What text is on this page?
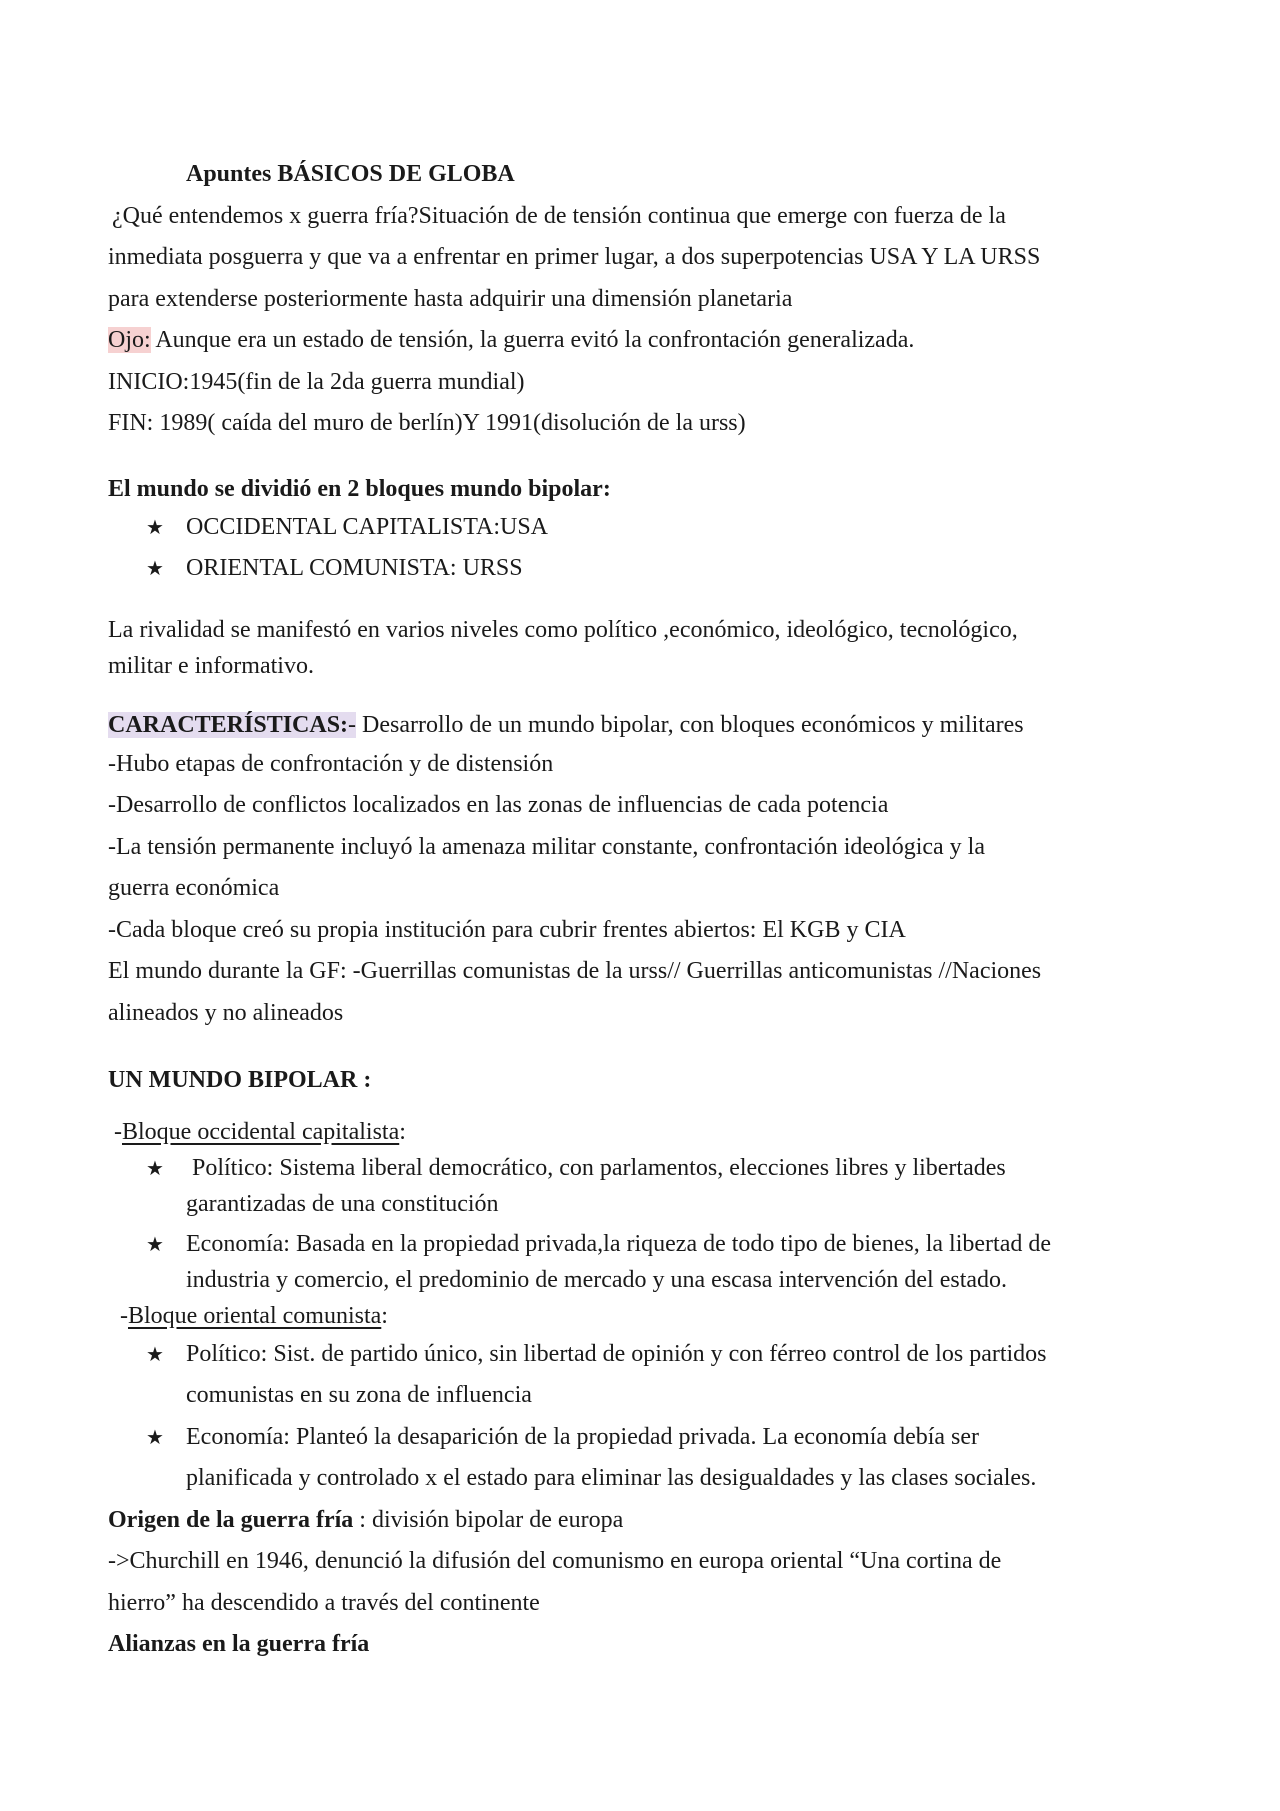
Apuntes BÁSICOS DE GLOBA
¿Qué entendemos x guerra fría?Situación de de tensión continua que emerge con fuerza de la
inmediata posguerra y que va a enfrentar en primer lugar, a dos superpotencias USA Y LA URSS
para extenderse posteriormente hasta adquirir una dimensión planetaria
Ojo: Aunque era un estado de tensión, la guerra evitó la confrontación generalizada.
INICIO:1945(fin de la 2da guerra mundial)
FIN: 1989( caída del muro de berlín)Y 1991(disolución de la urss)
El mundo se dividió en 2 bloques mundo bipolar:
★ OCCIDENTAL CAPITALISTA:USA
★ ORIENTAL COMUNISTA: URSS
La rivalidad se manifestó en varios niveles como político ,económico, ideológico, tecnológico,
militar e informativo.
CARACTERÍSTICAS:- Desarrollo de un mundo bipolar, con bloques económicos y militares
-Hubo etapas de confrontación y de distensión
-Desarrollo de conflictos localizados en las zonas de influencias de cada potencia
-La tensión permanente incluyó la amenaza militar constante, confrontación ideológica y la
guerra económica
-Cada bloque creó su propia institución para cubrir frentes abiertos: El KGB y CIA
El mundo durante la GF: -Guerrillas comunistas de la urss// Guerrillas anticomunistas //Naciones
alineados y no alineados
UN MUNDO BIPOLAR :
-Bloque occidental capitalista:
★ Político: Sistema liberal democrático, con parlamentos, elecciones libres y libertades
garantizadas de una constitución
★ Economía: Basada en la propiedad privada,la riqueza de todo tipo de bienes, la libertad de
industria y comercio, el predominio de mercado y una escasa intervención del estado.
-Bloque oriental comunista:
★ Político: Sist. de partido único, sin libertad de opinión y con férreo control de los partidos
comunistas en su zona de influencia
★ Economía: Planteó la desaparición de la propiedad privada. La economía debía ser
planificada y controlado x el estado para eliminar las desigualdades y las clases sociales.
Origen de la guerra fría : división bipolar de europa
->Churchill en 1946, denunció la difusión del comunismo en europa oriental “Una cortina de
hierro” ha descendido a través del continente
Alianzas en la guerra fría
